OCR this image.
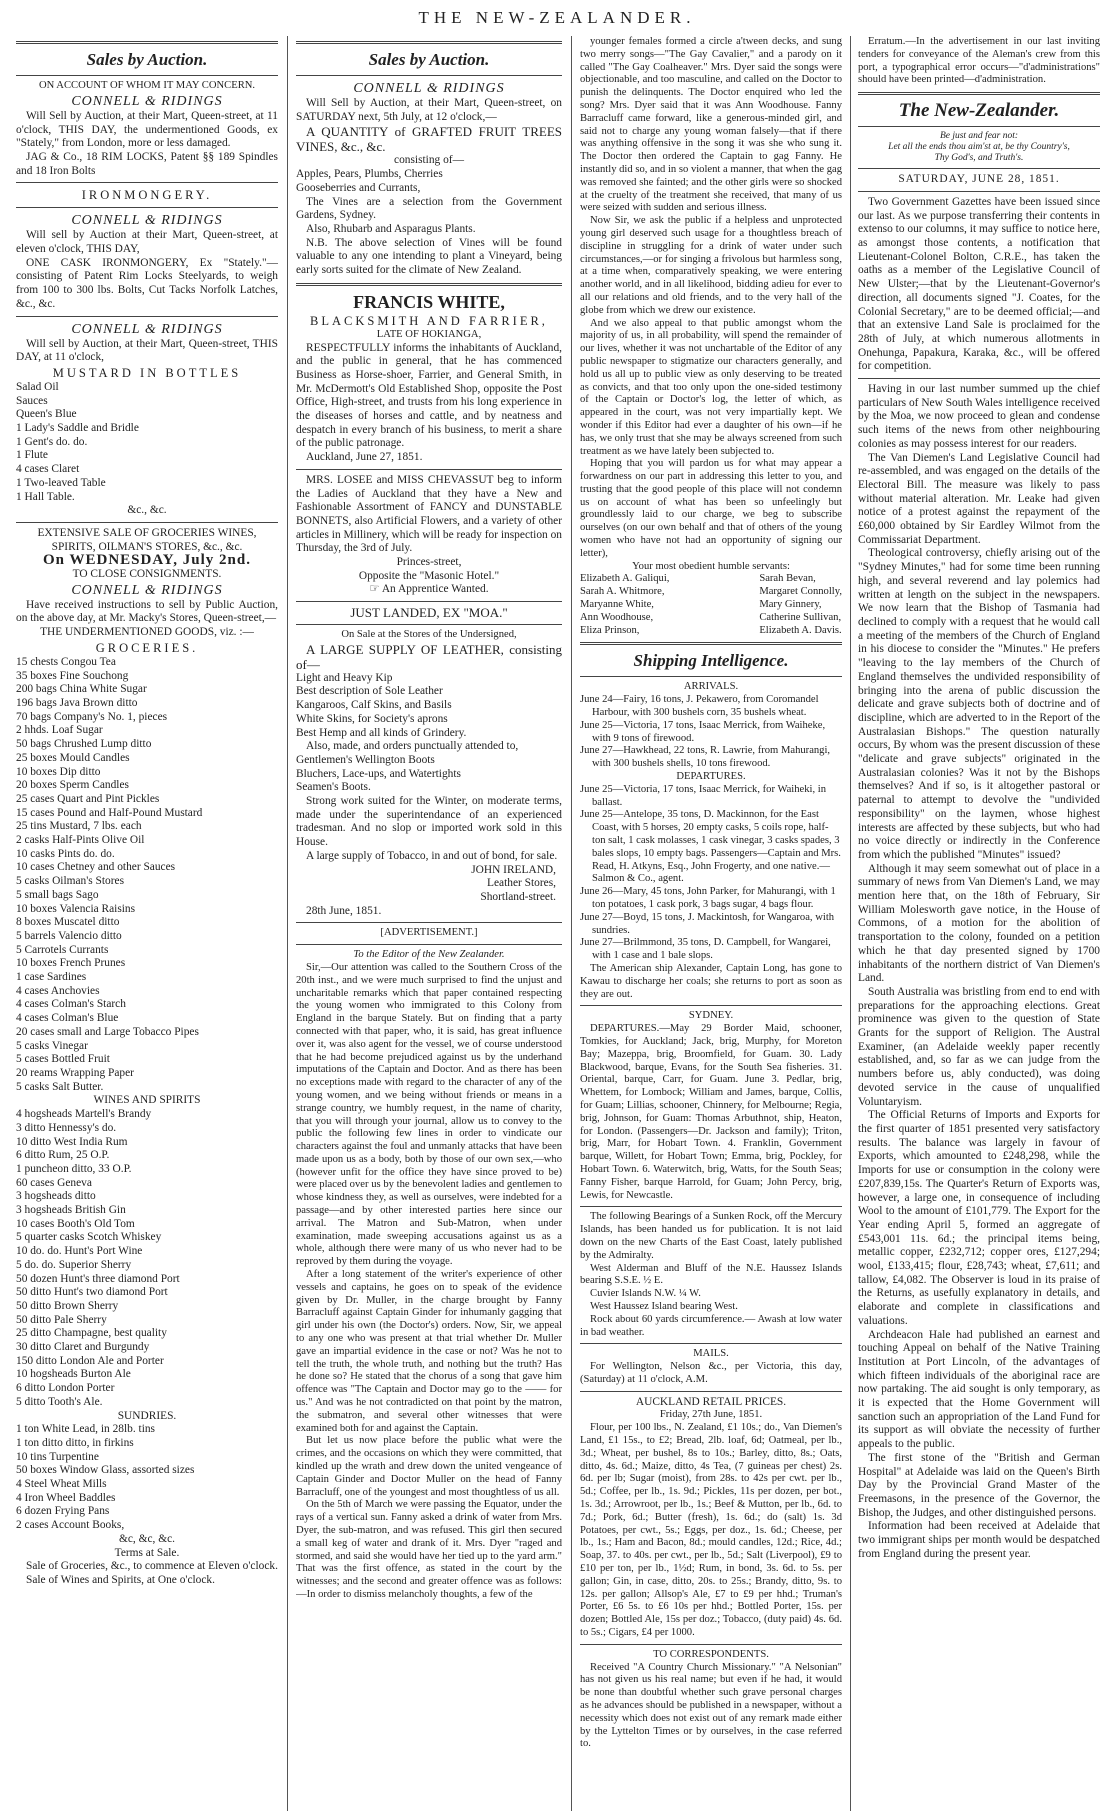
THE NEW-ZEALANDER.
Sales by Auction.
ON ACCOUNT OF WHOM IT MAY CONCERN.
CONNELL & RIDINGS

Will Sell by Auction, at their Mart, Queen-street, at 11 o'clock, THIS DAY, the undermentioned Goods, ex "Stately," from London, more or less damaged.

JAG & Co., 18 RIM LOCKS, Patent §§ 189 Spindles and 18 Iron Bolts

IRONMONGERY.
CONNELL & RIDINGS

Will sell by Auction at their Mart, Queen-street, at eleven o'clock, THIS DAY,

ONE CASK IRONMONGERY, Ex "Stately."—consisting of Patent Rim Locks Steelyards, to weigh from 100 to 300 lbs. Bolts, Cut Tacks Norfolk Latches, &c., &c.

CONNELL & RIDINGS

Will sell by Auction, at their Mart, Queen-street, THIS DAY, at 11 o'clock,

MUSTARD IN BOTTLES
Salad Oil
Sauces
Queen's Blue
1 Lady's Saddle and Bridle
1 Gent's do. do.
1 Flute
4 cases Claret
1 Two-leaved Table
1 Hall Table.
&c., &c.
EXTENSIVE SALE OF GROCERIES WINES, SPIRITS, OILMAN'S STORES, &c., &c.
On WEDNESDAY, July 2nd.
TO CLOSE CONSIGNMENTS.
CONNELL & RIDINGS

Have received instructions to sell by Public Auction, on the above day, at Mr. Macky's Stores, Queen-street,—

THE UNDERMENTIONED GOODS, viz. :—
GROCERIES.
15 chests Congou Tea
35 boxes Fine Souchong
200 bags China White Sugar
196 bags Java Brown ditto
70 bags Company's No. 1, pieces
2 hhds. Loaf Sugar
50 bags Chrushed Lump ditto
25 boxes Mould Candles
10 boxes Dip ditto
20 boxes Sperm Candles
25 cases Quart and Pint Pickles
15 cases Pound and Half-Pound Mustard
25 tins Mustard, 7 lbs. each
2 casks Half-Pints Olive Oil
10 casks Pints do. do.
10 cases Chetney and other Sauces
5 casks Oilman's Stores
5 small bags Sago
10 boxes Valencia Raisins
8 boxes Muscatel ditto
5 barrels Valencio ditto
5 Carrotels Currants
10 boxes French Prunes
1 case Sardines
4 cases Anchovies
4 cases Colman's Starch
4 cases Colman's Blue
20 cases small and Large Tobacco Pipes
5 casks Vinegar
5 cases Bottled Fruit
20 reams Wrapping Paper
5 casks Salt Butter.
WINES AND SPIRITS
4 hogsheads Martell's Brandy
3 ditto Hennessy's do.
10 ditto West India Rum
6 ditto Rum, 25 O.P.
1 puncheon ditto, 33 O.P.
60 cases Geneva
3 hogsheads ditto
3 hogsheads British Gin
10 cases Booth's Old Tom
5 quarter casks Scotch Whiskey
10 do. do. Hunt's Port Wine
5 do. do. Superior Sherry
50 dozen Hunt's three diamond Port
50 ditto Hunt's two diamond Port
50 ditto Brown Sherry
50 ditto Pale Sherry
25 ditto Champagne, best quality
30 ditto Claret and Burgundy
150 ditto London Ale and Porter
10 hogsheads Burton Ale
6 ditto London Porter
5 ditto Tooth's Ale.
SUNDRIES.
1 ton White Lead, in 28lb. tins
1 ton ditto ditto, in firkins
10 tins Turpentine
50 boxes Window Glass, assorted sizes
4 Steel Wheat Mills
4 Iron Wheel Baddles
6 dozen Frying Pans
2 cases Account Books,
&c, &c, &c.
Terms at Sale.

Sale of Groceries, &c., to commence at Eleven o'clock.

Sale of Wines and Spirits, at One o'clock.

Sales by Auction.
CONNELL & RIDINGS

Will Sell by Auction, at their Mart, Queen-street, on SATURDAY next, 5th July, at 12 o'clock,—

A QUANTITY of GRAFTED FRUIT TREES VINES, &c., &c.

consisting of—
Apples, Pears, Plumbs, Cherries
Gooseberries and Currants,

The Vines are a selection from the Government Gardens, Sydney.

Also, Rhubarb and Asparagus Plants.

N.B. The above selection of Vines will be found valuable to any one intending to plant a Vineyard, being early sorts suited for the climate of New Zealand.

FRANCIS WHITE,
BLACKSMITH AND FARRIER,
LATE OF HOKIANGA,

RESPECTFULLY informs the inhabitants of Auckland, and the public in general, that he has commenced Business as Horse-shoer, Farrier, and General Smith, in Mr. McDermott's Old Established Shop, opposite the Post Office, High-street, and trusts from his long experience in the diseases of horses and cattle, and by neatness and despatch in every branch of his business, to merit a share of the public patronage.

Auckland, June 27, 1851.

MRS. LOSEE and MISS CHEVASSUT beg to inform the Ladies of Auckland that they have a New and Fashionable Assortment of FANCY and DUNSTABLE BONNETS, also Artificial Flowers, and a variety of other articles in Millinery, which will be ready for inspection on Thursday, the 3rd of July.

Princes-street,
Opposite the "Masonic Hotel."
☞ An Apprentice Wanted.
JUST LANDED, EX "MOA."
On Sale at the Stores of the Undersigned,

A LARGE SUPPLY OF LEATHER, consisting of—

Light and Heavy Kip
Best description of Sole Leather
Kangaroos, Calf Skins, and Basils
White Skins, for Society's aprons
Best Hemp and all kinds of Grindery.

Also, made, and orders punctually attended to,

Gentlemen's Wellington Boots
Bluchers, Lace-ups, and Watertights
Seamen's Boots.

Strong work suited for the Winter, on moderate terms, made under the superintendance of an experienced tradesman. And no slop or imported work sold in this House.

A large supply of Tobacco, in and out of bond, for sale.

JOHN IRELAND,
Leather Stores,
Shortland-street.

28th June, 1851.

[ADVERTISEMENT.]
To the Editor of the New Zealander.

Sir,—Our attention was called to the Southern Cross of the 20th inst., and we were much surprised to find the unjust and uncharitable remarks which that paper contained respecting the young women who immigrated to this Colony from England in the barque Stately. But on finding that a party connected with that paper, who, it is said, has great influence over it, was also agent for the vessel, we of course understood that he had become prejudiced against us by the underhand imputations of the Captain and Doctor. And as there has been no exceptions made with regard to the character of any of the young women, and we being without friends or means in a strange country, we humbly request, in the name of charity, that you will through your journal, allow us to convey to the public the following few lines in order to vindicate our characters against the foul and unmanly attacks that have been made upon us as a body, both by those of our own sex,—who (however unfit for the office they have since proved to be) were placed over us by the benevolent ladies and gentlemen to whose kindness they, as well as ourselves, were indebted for a passage—and by other interested parties here since our arrival. The Matron and Sub-Matron, when under examination, made sweeping accusations against us as a whole, although there were many of us who never had to be reproved by them during the voyage.

After a long statement of the writer's experience of other vessels and captains, he goes on to speak of the evidence given by Dr. Muller, in the charge brought by Fanny Barracluff against Captain Ginder for inhumanly gagging that girl under his own (the Doctor's) orders. Now, Sir, we appeal to any one who was present at that trial whether Dr. Muller gave an impartial evidence in the case or not? Was he not to tell the truth, the whole truth, and nothing but the truth? Has he done so? He stated that the chorus of a song that gave him offence was "The Captain and Doctor may go to the —— for us." And was he not contradicted on that point by the matron, the submatron, and several other witnesses that were examined both for and against the Captain.

But let us now place before the public what were the crimes, and the occasions on which they were committed, that kindled up the wrath and drew down the united vengeance of Captain Ginder and Doctor Muller on the head of Fanny Barracluff, one of the youngest and most thoughtless of us all.

On the 5th of March we were passing the Equator, under the rays of a vertical sun. Fanny asked a drink of water from Mrs. Dyer, the sub-matron, and was refused. This girl then secured a small keg of water and drank of it. Mrs. Dyer "raged and stormed, and said she would have her tied up to the yard arm." That was the first offence, as stated in the court by the witnesses; and the second and greater offence was as follows:—In order to dismiss melancholy thoughts, a few of the

younger females formed a circle a'tween decks, and sung two merry songs—"The Gay Cavalier," and a parody on it called "The Gay Coalheaver." Mrs. Dyer said the songs were objectionable, and too masculine, and called on the Doctor to punish the delinquents. The Doctor enquired who led the song? Mrs. Dyer said that it was Ann Woodhouse. Fanny Barracluff came forward, like a generous-minded girl, and said not to charge any young woman falsely—that if there was anything offensive in the song it was she who sung it. The Doctor then ordered the Captain to gag Fanny. He instantly did so, and in so violent a manner, that when the gag was removed she fainted; and the other girls were so shocked at the cruelty of the treatment she received, that many of us were seized with sudden and serious illness.

Now Sir, we ask the public if a helpless and unprotected young girl deserved such usage for a thoughtless breach of discipline in struggling for a drink of water under such circumstances,—or for singing a frivolous but harmless song, at a time when, comparatively speaking, we were entering another world, and in all likelihood, bidding adieu for ever to all our relations and old friends, and to the very hall of the globe from which we drew our existence.

And we also appeal to that public amongst whom the majority of us, in all probability, will spend the remainder of our lives, whether it was not unchartable of the Editor of any public newspaper to stigmatize our characters generally, and hold us all up to public view as only deserving to be treated as convicts, and that too only upon the one-sided testimony of the Captain or Doctor's log, the letter of which, as appeared in the court, was not very impartially kept. We wonder if this Editor had ever a daughter of his own—if he has, we only trust that she may be always screened from such treatment as we have lately been subjected to.

Hoping that you will pardon us for what may appear a forwardness on our part in addressing this letter to you, and trusting that the good people of this place will not condemn us on account of what has been so unfeelingly but groundlessly laid to our charge, we beg to subscribe ourselves (on our own behalf and that of others of the young women who have not had an opportunity of signing our letter),

Your most obedient humble servants:
Elizabeth A. Galiqui,
Sarah A. Whitmore,
Maryanne White,
Ann Woodhouse,
Eliza Prinson,
Sarah Bevan,
Margaret Connolly,
Mary Ginnery,
Catherine Sullivan,
Elizabeth A. Davis.
Shipping Intelligence.
ARRIVALS.

June 24—Fairy, 16 tons, J. Pekawero, from Coromandel Harbour, with 300 bushels corn, 35 bushels wheat.

June 25—Victoria, 17 tons, Isaac Merrick, from Waiheke, with 9 tons of firewood.

June 27—Hawkhead, 22 tons, R. Lawrie, from Mahurangi, with 300 bushels shells, 10 tons firewood.

DEPARTURES.

June 25—Victoria, 17 tons, Isaac Merrick, for Waiheki, in ballast.

June 25—Antelope, 35 tons, D. Mackinnon, for the East Coast, with 5 horses, 20 empty casks, 5 coils rope, half-ton salt, 1 cask molasses, 1 cask vinegar, 3 casks spades, 3 bales slops, 10 empty bags. Passengers—Captain and Mrs. Read, H. Atkyns, Esq., John Frogerty, and one native.—Salmon & Co., agent.

June 26—Mary, 45 tons, John Parker, for Mahurangi, with 1 ton potatoes, 1 cask pork, 3 bags sugar, 4 bags flour.

June 27—Boyd, 15 tons, J. Mackintosh, for Wangaroa, with sundries.

June 27—Brilmmond, 35 tons, D. Campbell, for Wangarei, with 1 case and 1 bale slops.

The American ship Alexander, Captain Long, has gone to Kawau to discharge her coals; she returns to port as soon as they are out.

SYDNEY.

DEPARTURES.—May 29 Border Maid, schooner, Tomkies, for Auckland; Jack, brig, Murphy, for Moreton Bay; Mazeppa, brig, Broomfield, for Guam. 30. Lady Blackwood, barque, Evans, for the South Sea fisheries. 31. Oriental, barque, Carr, for Guam. June 3. Pedlar, brig, Whettem, for Lombock; William and James, barque, Collis, for Guam; Lillias, schooner, Chinnery, for Melbourne; Regia, brig, Johnson, for Guam: Thomas Arbuthnot, ship, Heaton, for London. (Passengers—Dr. Jackson and family); Triton, brig, Marr, for Hobart Town. 4. Franklin, Government barque, Willett, for Hobart Town; Emma, brig, Pockley, for Hobart Town. 6. Waterwitch, brig, Watts, for the South Seas; Fanny Fisher, barque Harrold, for Guam; John Percy, brig, Lewis, for Newcastle.

The following Bearings of a Sunken Rock, off the Mercury Islands, has been handed us for publication. It is not laid down on the new Charts of the East Coast, lately published by the Admiralty.

West Alderman and Bluff of the N.E. Haussez Islands bearing S.S.E. ½ E.

Cuvier Islands N.W. ¼ W.

West Haussez Island bearing West.

Rock about 60 yards circumference.— Awash at low water in bad weather.

MAILS.

For Wellington, Nelson &c., per Victoria, this day, (Saturday) at 11 o'clock, A.M.

AUCKLAND RETAIL PRICES.
Friday, 27th June, 1851.

Flour, per 100 lbs., N. Zealand, £1 10s.; do., Van Diemen's Land, £1 15s., to £2; Bread, 2lb. loaf, 6d; Oatmeal, per lb., 3d.; Wheat, per bushel, 8s to 10s.; Barley, ditto, 8s.; Oats, ditto, 4s. 6d.; Maize, ditto, 4s Tea, (7 guineas per chest) 2s. 6d. per lb; Sugar (moist), from 28s. to 42s per cwt. per lb., 5d.; Coffee, per lb., 1s. 9d.; Pickles, 11s per dozen, per bot., 1s. 3d.; Arrowroot, per lb., 1s.; Beef & Mutton, per lb., 6d. to 7d.; Pork, 6d.; Butter (fresh), 1s. 6d.; do (salt) 1s. 3d Potatoes, per cwt., 5s.; Eggs, per doz., 1s. 6d.; Cheese, per lb., 1s.; Ham and Bacon, 8d.; mould candles, 12d.; Rice, 4d.; Soap, 37. to 40s. per cwt., per lb., 5d.; Salt (Liverpool), £9 to £10 per ton, per lb., 1½d; Rum, in bond, 3s. 6d. to 5s. per gallon; Gin, in case, ditto, 20s. to 25s.; Brandy, ditto, 9s. to 12s. per gallon; Allsop's Ale, £7 to £9 per hhd.; Truman's Porter, £6 5s. to £6 10s per hhd.; Bottled Porter, 15s. per dozen; Bottled Ale, 15s per doz.; Tobacco, (duty paid) 4s. 6d. to 5s.; Cigars, £4 per 1000.

TO CORRESPONDENTS.

Received "A Country Church Missionary." "A Nelsonian" has not given us his real name; but even if he had, it would be none than doubtful whether such grave personal charges as he advances should be published in a newspaper, without a necessity which does not exist out of any remark made either by the Lyttelton Times or by ourselves, in the case referred to.

Erratum.—In the advertisement in our last inviting tenders for conveyance of the Aleman's crew from this port, a typographical error occurs—"d'administrations" should have been printed—d'administration.

The New-Zealander.
Be just and fear not:
Let all the ends thou aim'st at, be thy Country's,
Thy God's, and Truth's.
SATURDAY, JUNE 28, 1851.

Two Government Gazettes have been issued since our last. As we purpose transferring their contents in extenso to our columns, it may suffice to notice here, as amongst those contents, a notification that Lieutenant-Colonel Bolton, C.R.E., has taken the oaths as a member of the Legislative Council of New Ulster;—that by the Lieutenant-Governor's direction, all documents signed "J. Coates, for the Colonial Secretary," are to be deemed official;—and that an extensive Land Sale is proclaimed for the 28th of July, at which numerous allotments in Onehunga, Papakura, Karaka, &c., will be offered for competition.

Having in our last number summed up the chief particulars of New South Wales intelligence received by the Moa, we now proceed to glean and condense such items of the news from other neighbouring colonies as may possess interest for our readers.

The Van Diemen's Land Legislative Council had re-assembled, and was engaged on the details of the Electoral Bill. The measure was likely to pass without material alteration. Mr. Leake had given notice of a protest against the repayment of the £60,000 obtained by Sir Eardley Wilmot from the Commissariat Department.

Theological controversy, chiefly arising out of the "Sydney Minutes," had for some time been running high, and several reverend and lay polemics had written at length on the subject in the newspapers. We now learn that the Bishop of Tasmania had declined to comply with a request that he would call a meeting of the members of the Church of England in his diocese to consider the "Minutes." He prefers "leaving to the lay members of the Church of England themselves the undivided responsibility of bringing into the arena of public discussion the delicate and grave subjects both of doctrine and of discipline, which are adverted to in the Report of the Australasian Bishops." The question naturally occurs, By whom was the present discussion of these "delicate and grave subjects" originated in the Australasian colonies? Was it not by the Bishops themselves? And if so, is it altogether pastoral or paternal to attempt to devolve the "undivided responsibility" on the laymen, whose highest interests are affected by these subjects, but who had no voice directly or indirectly in the Conference from which the published "Minutes" issued?

Although it may seem somewhat out of place in a summary of news from Van Diemen's Land, we may mention here that, on the 18th of February, Sir William Molesworth gave notice, in the House of Commons, of a motion for the abolition of transportation to the colony, founded on a petition which he that day presented signed by 1700 inhabitants of the northern district of Van Diemen's Land.

South Australia was bristling from end to end with preparations for the approaching elections. Great prominence was given to the question of State Grants for the support of Religion. The Austral Examiner, (an Adelaide weekly paper recently established, and, so far as we can judge from the numbers before us, ably conducted), was doing devoted service in the cause of unqualified Voluntaryism.

The Official Returns of Imports and Exports for the first quarter of 1851 presented very satisfactory results. The balance was largely in favour of Exports, which amounted to £248,298, while the Imports for use or consumption in the colony were £207,839,15s. The Quarter's Return of Exports was, however, a large one, in consequence of including Wool to the amount of £101,779. The Export for the Year ending April 5, formed an aggregate of £543,001 11s. 6d.; the principal items being, metallic copper, £232,712; copper ores, £127,294; wool, £133,415; flour, £28,743; wheat, £7,611; and tallow, £4,082. The Observer is loud in its praise of the Returns, as usefully explanatory in details, and elaborate and complete in classifications and valuations.

Archdeacon Hale had published an earnest and touching Appeal on behalf of the Native Training Institution at Port Lincoln, of the advantages of which fifteen individuals of the aboriginal race are now partaking. The aid sought is only temporary, as it is expected that the Home Government will sanction such an appropriation of the Land Fund for its support as will obviate the necessity of further appeals to the public.

The first stone of the "British and German Hospital" at Adelaide was laid on the Queen's Birth Day by the Provincial Grand Master of the Freemasons, in the presence of the Governor, the Bishop, the Judges, and other distinguished persons.

Information had been received at Adelaide that two immigrant ships per month would be despatched from England during the present year.
